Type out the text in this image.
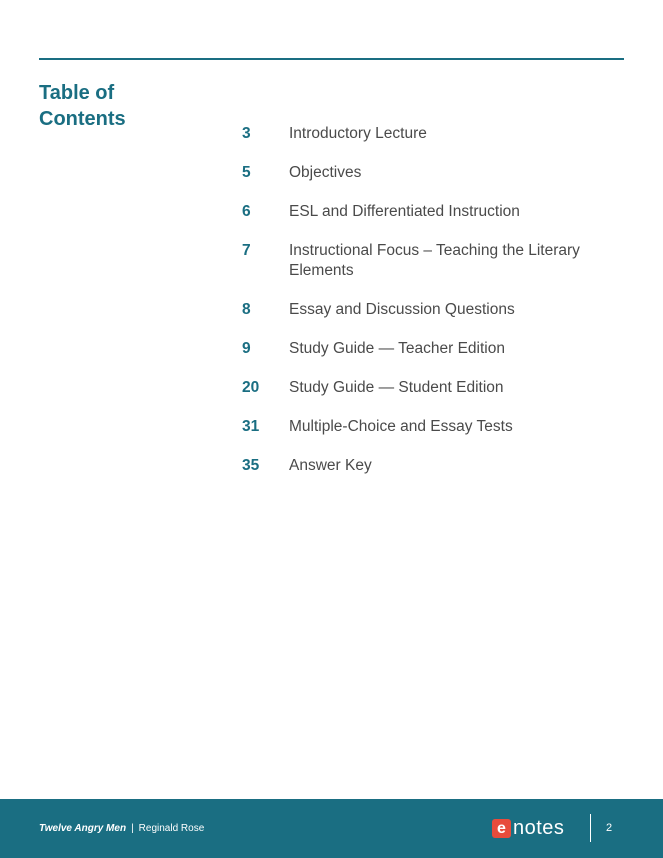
Table of
Contents
3	Introductory Lecture
5	Objectives
6	ESL and Differentiated Instruction
7	Instructional Focus – Teaching the Literary Elements
8	Essay and Discussion Questions
9	Study Guide — Teacher Edition
20	Study Guide — Student Edition
31	Multiple-Choice and Essay Tests
35	Answer Key
Twelve Angry Men | Reginald Rose	e notes	2
